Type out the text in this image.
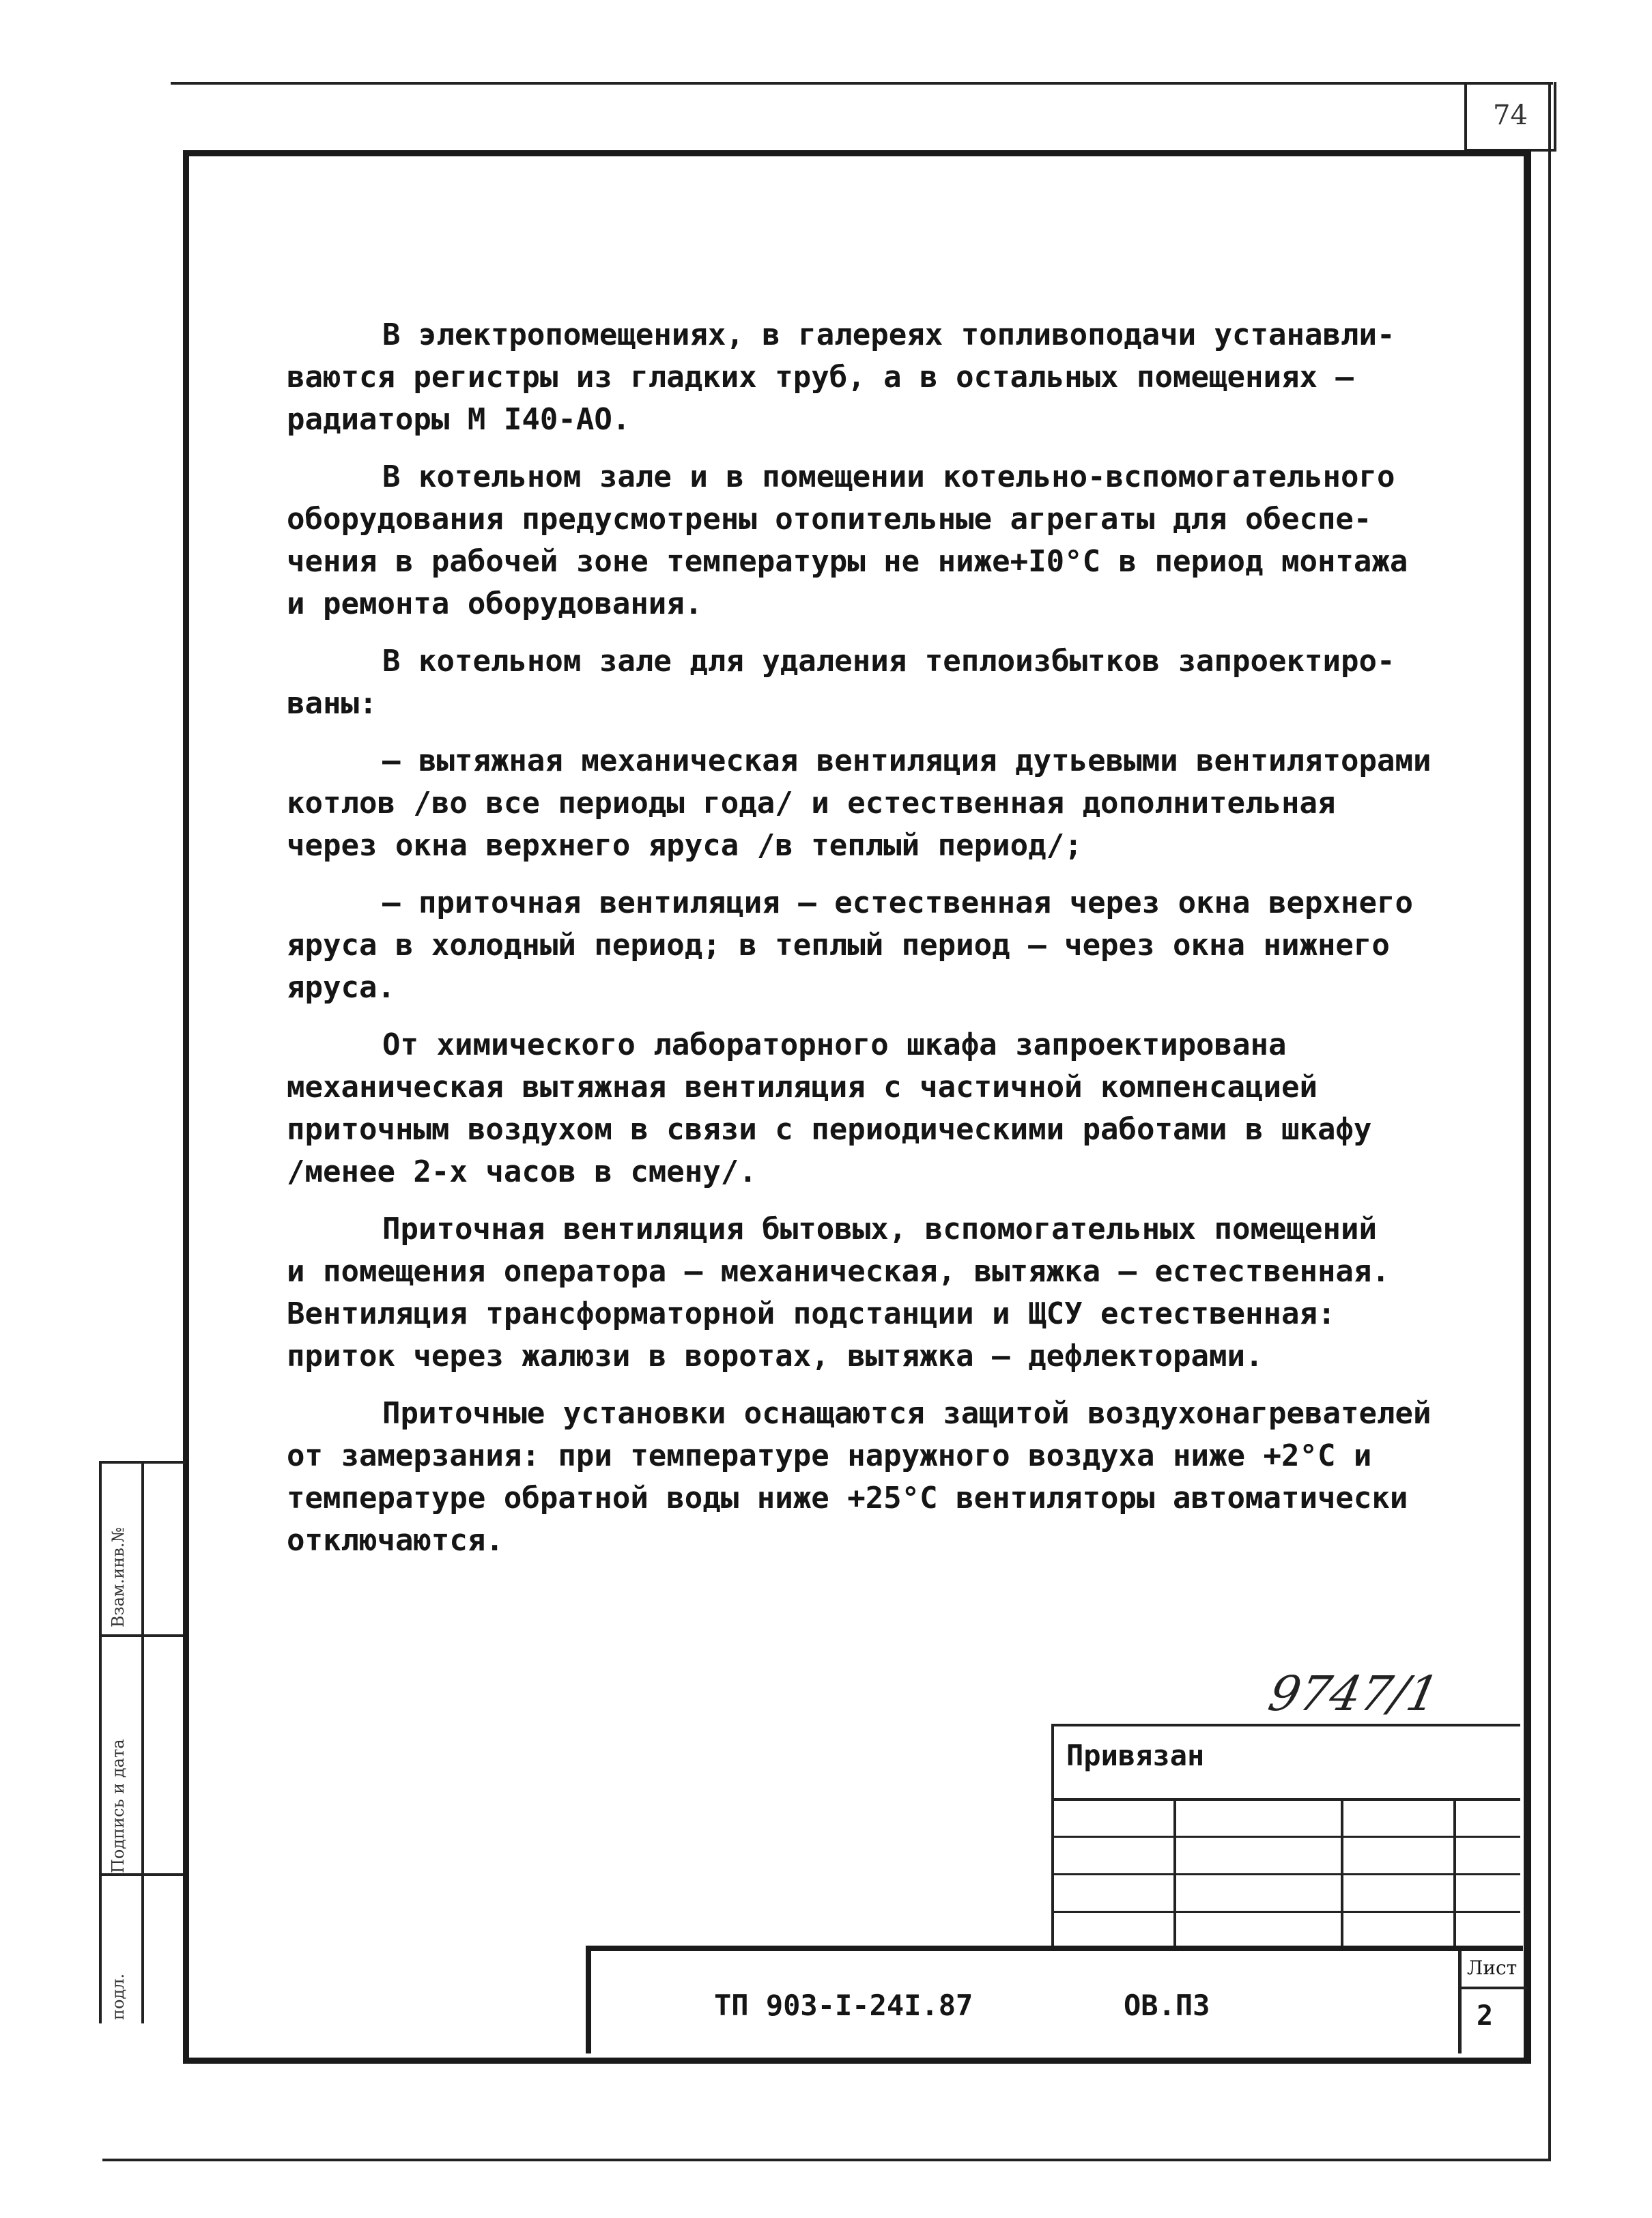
74

В электропомещениях, в галереях топливоподачи устанавли-
ваются регистры из гладких труб, а в остальных помещениях –
радиаторы М I40-АО.

В котельном зале и в помещении котельно-вспомогательного
оборудования предусмотрены отопительные агрегаты для обеспе-
чения в рабочей зоне температуры не ниже+I0°С в период монтажа
и ремонта оборудования.

В котельном зале для удаления теплоизбытков запроектиро-
ваны:

– вытяжная механическая вентиляция дутьевыми вентиляторами
котлов /во все периоды года/ и естественная дополнительная
через окна верхнего яруса /в теплый период/;

– приточная вентиляция – естественная через окна верхнего
яруса в холодный период; в теплый период – через окна нижнего
яруса.

От химического лабораторного шкафа запроектирована
механическая вытяжная вентиляция с частичной компенсацией
приточным воздухом в связи с периодическими работами в шкафу
/менее 2-х часов в смену/.

Приточная вентиляция бытовых, вспомогательных помещений
и помещения оператора – механическая, вытяжка – естественная.
Вентиляция трансформаторной подстанции и ЩСУ естественная:
приток через жалюзи в воротах, вытяжка – дефлекторами.

Приточные установки оснащаются защитой воздухонагревателей
от замерзания: при температуре наружного воздуха ниже +2°С и
температуре обратной воды ниже +25°С вентиляторы автоматически
отключаются.

Взам.инв.№
Подпись и дата
подл.
9747/1
Привязан
ТП 903-I-24I.87	ОВ.ПЗ
Лист
2
